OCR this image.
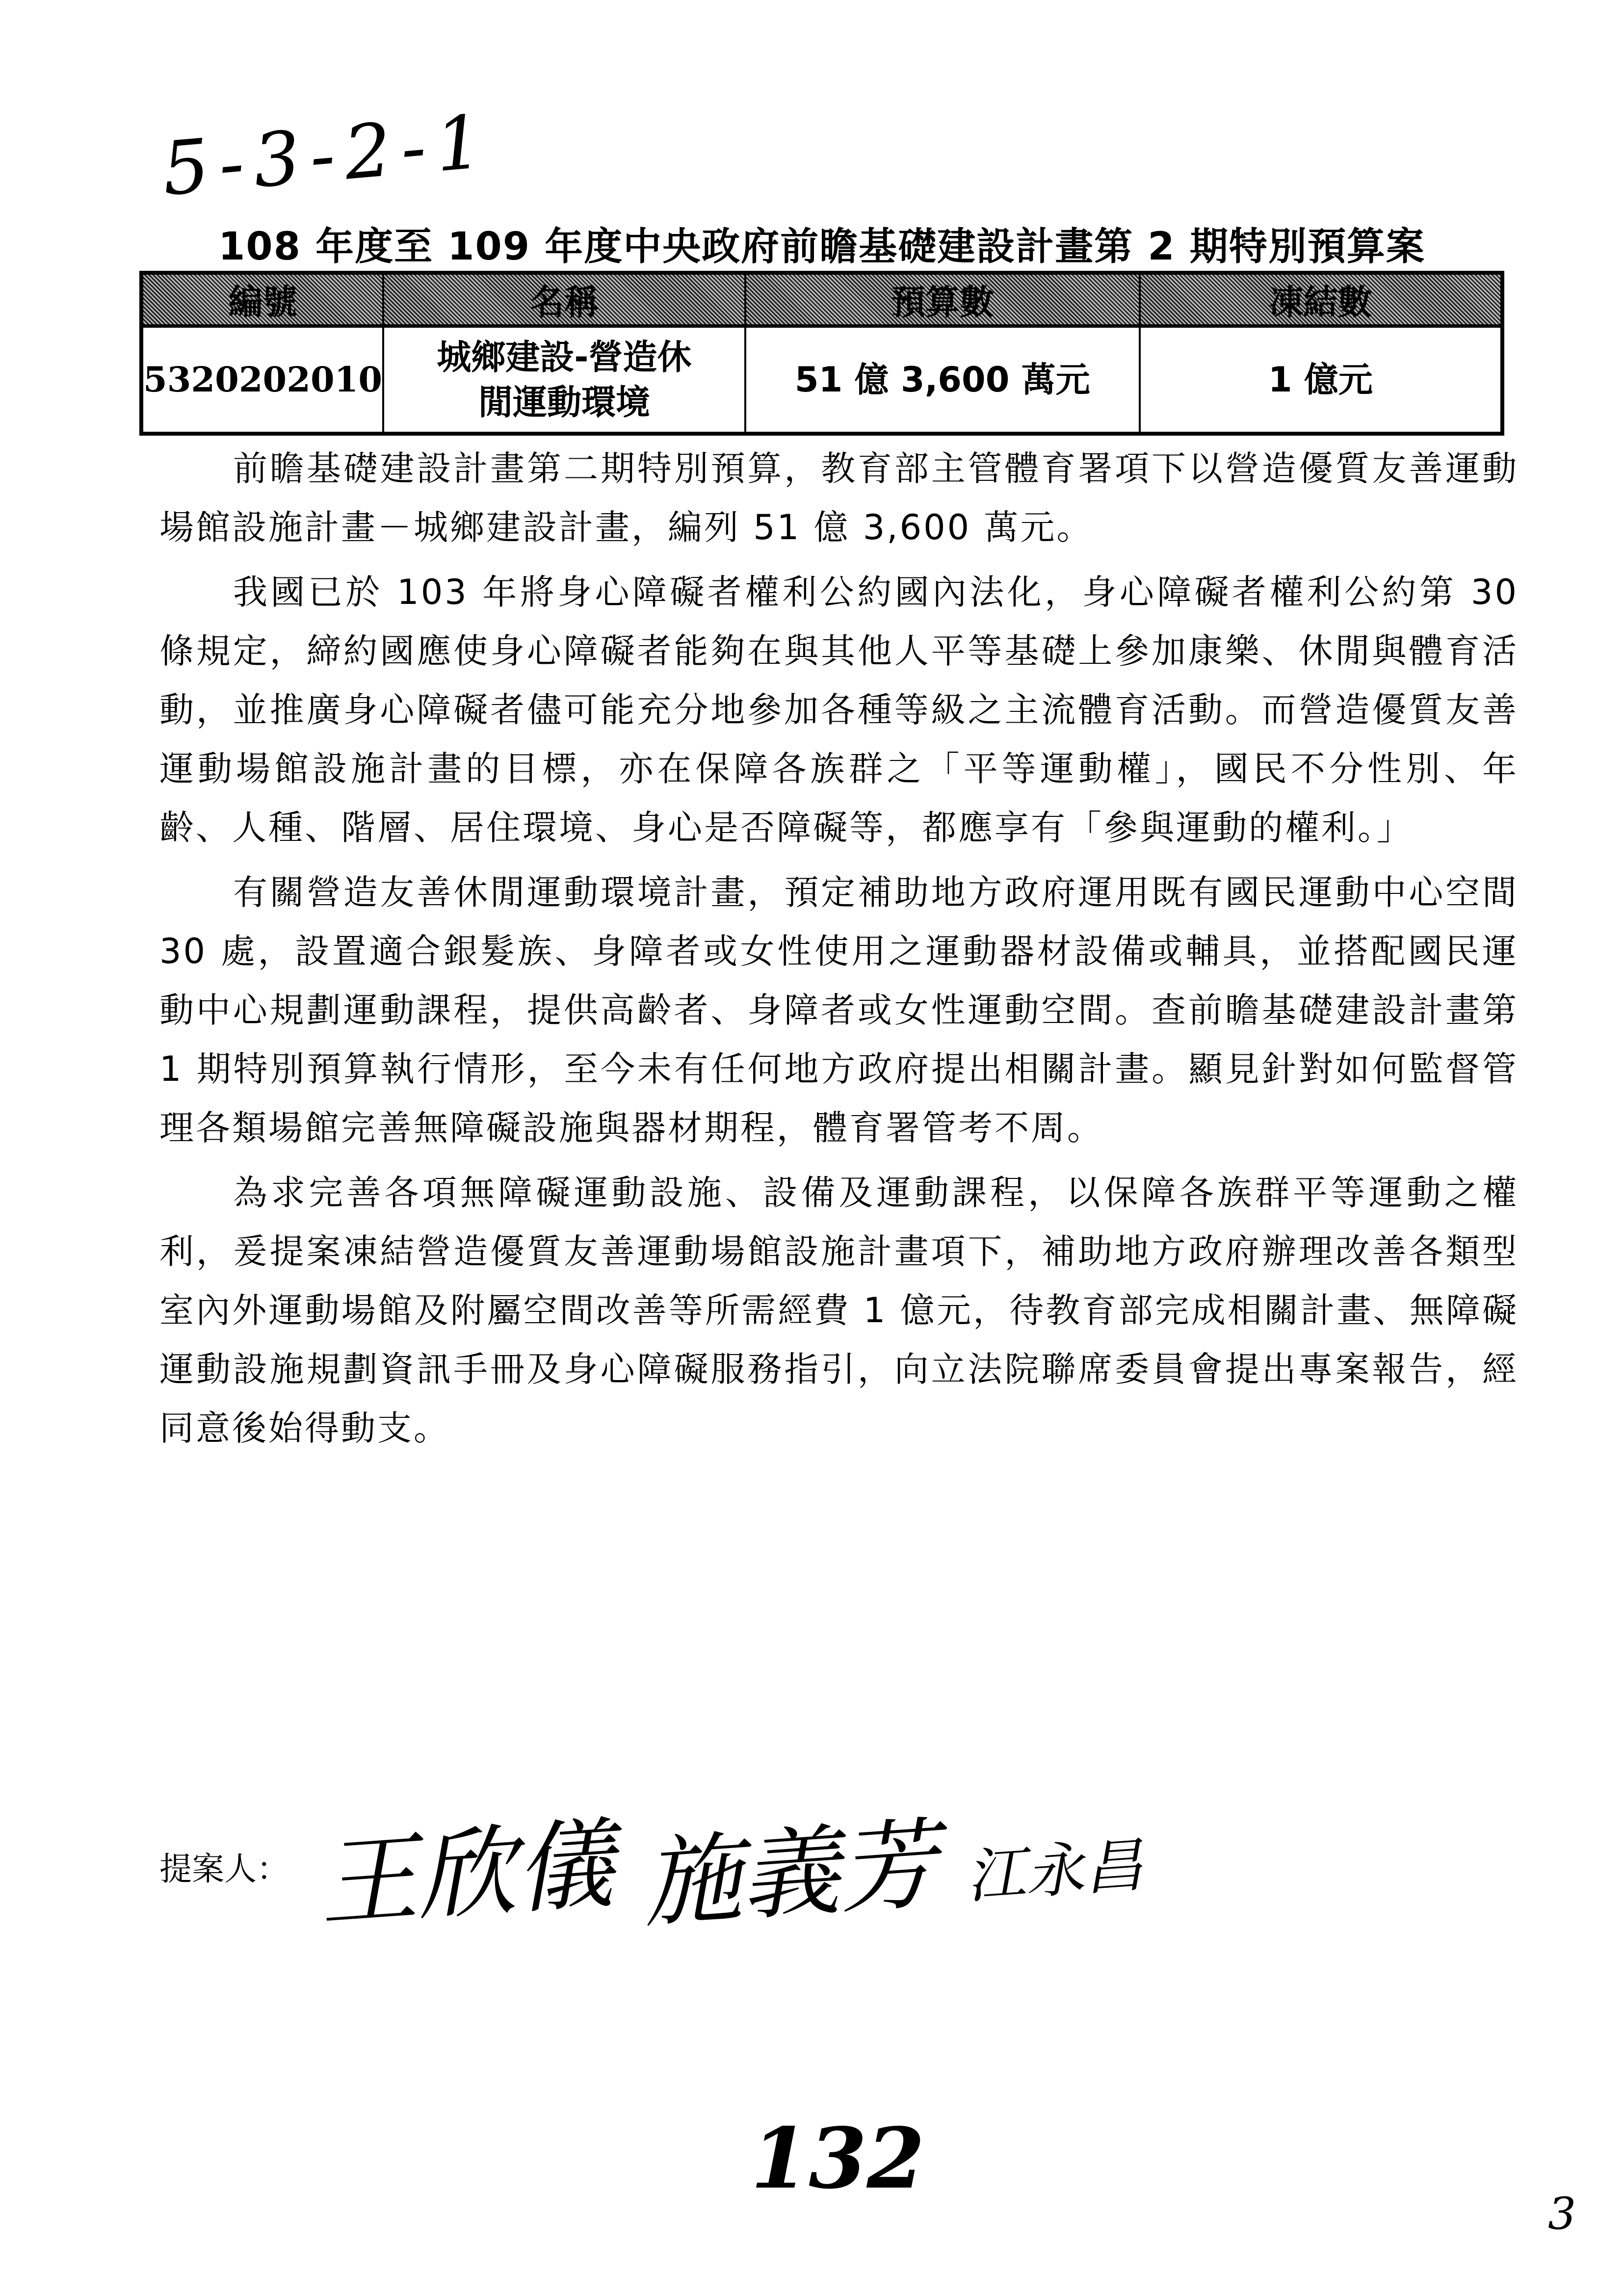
5-3-2-1
108 年度至 109 年度中央政府前瞻基礎建設計畫第 2 期特別預算案
編號	名稱	預算數	凍結數
5320202010	城鄉建設-營造休閒運動環境	51 億 3,600 萬元	1 億元

前瞻基礎建設計畫第二期特別預算，教育部主管體育署項下以營造優質友善運動場館設施計畫－城鄉建設計畫，編列 51 億 3,600 萬元。

我國已於 103 年將身心障礙者權利公約國內法化，身心障礙者權利公約第 30 條規定，締約國應使身心障礙者能夠在與其他人平等基礎上參加康樂、休閒與體育活動，並推廣身心障礙者儘可能充分地參加各種等級之主流體育活動。而營造優質友善運動場館設施計畫的目標，亦在保障各族群之「平等運動權」，國民不分性別、年齡、人種、階層、居住環境、身心是否障礙等，都應享有「參與運動的權利。」

有關營造友善休閒運動環境計畫，預定補助地方政府運用既有國民運動中心空間 30 處，設置適合銀髮族、身障者或女性使用之運動器材設備或輔具，並搭配國民運動中心規劃運動課程，提供高齡者、身障者或女性運動空間。查前瞻基礎建設計畫第 1 期特別預算執行情形，至今未有任何地方政府提出相關計畫。顯見針對如何監督管理各類場館完善無障礙設施與器材期程，體育署管考不周。

為求完善各項無障礙運動設施、設備及運動課程，以保障各族群平等運動之權利，爰提案凍結營造優質友善運動場館設施計畫項下，補助地方政府辦理改善各類型室內外運動場館及附屬空間改善等所需經費 1 億元，待教育部完成相關計畫、無障礙運動設施規劃資訊手冊及身心障礙服務指引，向立法院聯席委員會提出專案報告，經同意後始得動支。

提案人： 王欣儀 施義芳 江永昌
132
3
